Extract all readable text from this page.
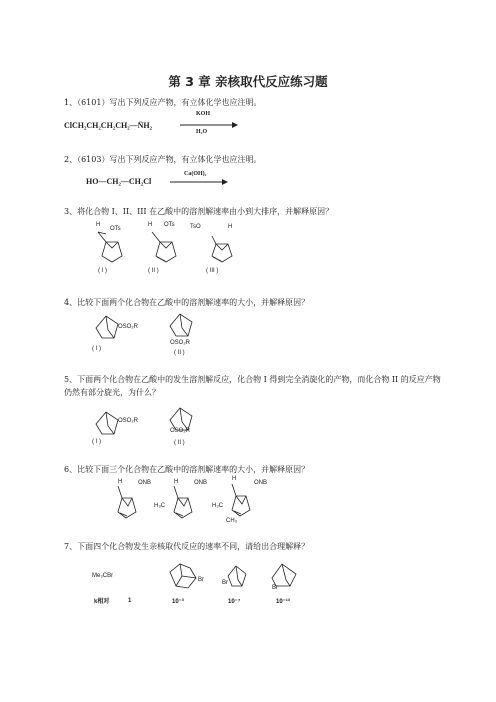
第 3 章 亲核取代反应练习题
1、（6101）写出下列反应产物，有立体化学也应注明。
ClCH₂CH₂CH₂CH₂—N̈H₂
KOH
H₂O
2、（6103）写出下列反应产物，有立体化学也应注明。
HO—CH₂—CH₂Cl
Ca(OH)₂
3、将化合物 I、II、III 在乙酸中的溶剂解速率由小到大排序，并解释原因？
H
OTs
H OTs	TsO	H
( I )	( II )	( III )
4、比较下面两个化合物在乙酸中的溶剂解速率的大小，并解释原因？
OSO₂R
OSO₂R
( I )
( II )
5、下面两个化合物在乙酸中的发生溶剂解反应，化合物 I 得到完全消旋化的产物，而化合物 II 的反应产物仍然有部分旋光，为什么？
OSO₂R
OSO₂R
( I )	( II )
6、比较下面三个化合物在乙酸中的溶剂解速率的大小，并解释原因？
H	ONB	H	ONB
H₃C
H
ONB
H₃C
CH₃
7、下面四个化合物发生亲核取代反应的速率不同，请给出合理解释？
Me₃CBr
Br	Br
Br
k相对	1	10⁻³	10⁻⁷	10⁻¹³
